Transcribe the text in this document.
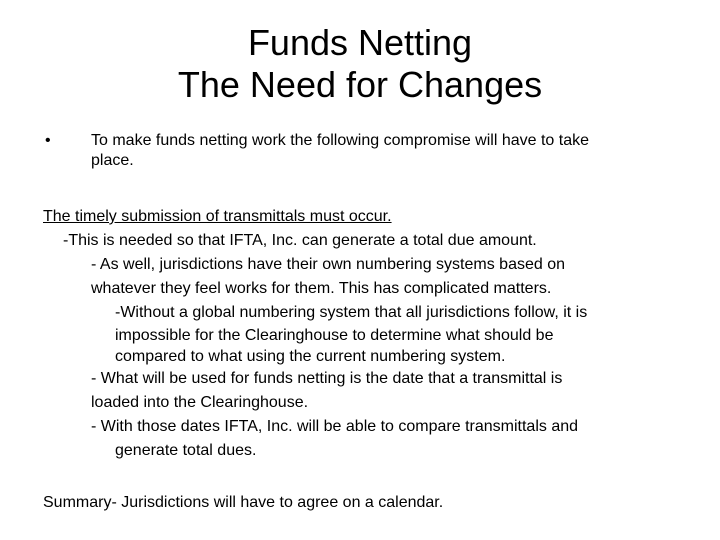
Funds Netting
The Need for Changes
•	To make funds netting work the following compromise will have to take
place.
The timely submission of transmittals must occur.
-This is needed so that IFTA, Inc. can generate a total due amount.
- As well, jurisdictions have their own numbering systems based on
whatever they feel works for them. This has complicated matters.
-Without a global numbering system that all jurisdictions follow, it is
impossible for the Clearinghouse to determine what should be
compared to what using the current numbering system.
- What will be used for funds netting is the date that a transmittal is
loaded into the Clearinghouse.
- With those dates IFTA, Inc. will be able to compare transmittals and
generate total dues.
Summary- Jurisdictions will have to agree on a calendar.
